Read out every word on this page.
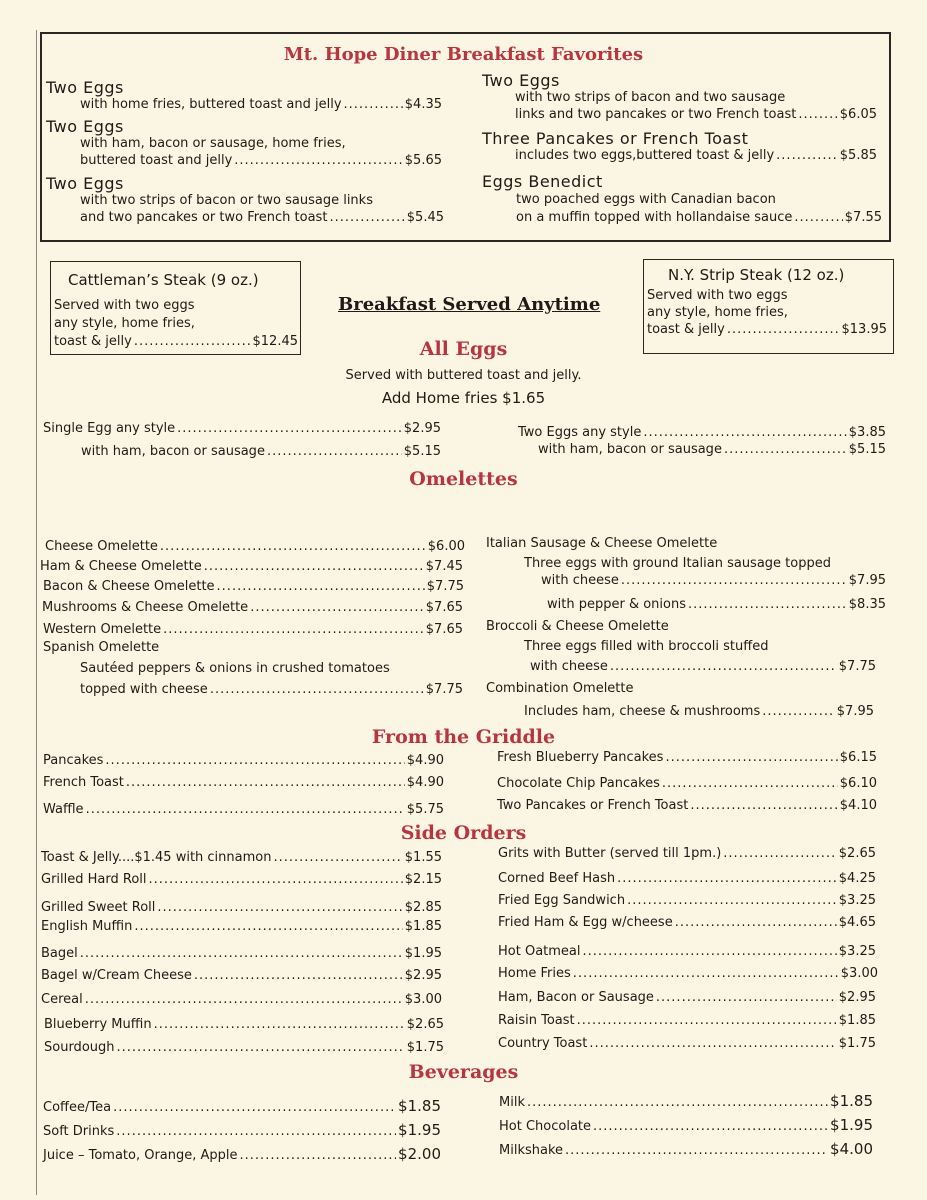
Mt. Hope Diner Breakfast Favorites
Two Eggs
with home fries, buttered toast and jelly .....	$4.35
Two Eggs
with ham, bacon or sausage, home fries,
buttered toast and jelly .....	$5.65
Two Eggs
with two strips of bacon or two sausage links
and two pancakes or two French toast .....	$5.45
Two Eggs
with two strips of bacon and two sausage
links and two pancakes or two French toast .....	$6.05
Three Pancakes or French Toast
includes two eggs,buttered toast & jelly .....	$5.85
Eggs Benedict
two poached eggs with Canadian bacon
on a muffin topped with hollandaise sauce .....	$7.55
Cattleman’s Steak (9 oz.)
Served with two eggs
any style, home fries,
toast & jelly .....	$12.45
N.Y. Strip Steak (12 oz.)
Served with two eggs
any style, home fries,
toast & jelly .....	$13.95
Breakfast Served Anytime
All Eggs
Served with buttered toast and jelly.
Add Home fries $1.65
Single Egg any style .....	$2.95
with ham, bacon or sausage .....	$5.15
Two Eggs any style .....	$3.85
with ham, bacon or sausage .....	$5.15
Omelettes
Cheese Omelette .....	$6.00
Ham & Cheese Omelette .....	$7.45
Bacon & Cheese Omelette .....	$7.75
Mushrooms & Cheese Omelette .....	$7.65
Western Omelette .....	$7.65
Spanish Omelette
Sautéed peppers & onions in crushed tomatoes
topped with cheese .....	$7.75
Italian Sausage & Cheese Omelette
Three eggs with ground Italian sausage topped
with cheese .....	$7.95
with pepper & onions .....	$8.35
Broccoli & Cheese Omelette
Three eggs filled with broccoli stuffed
with cheese .....	$7.75
Combination Omelette
Includes ham, cheese & mushrooms .....	$7.95
From the Griddle
Pancakes .....	$4.90
French Toast .....	$4.90
Waffle .....	$5.75
Fresh Blueberry Pancakes .....	$6.15
Chocolate Chip Pancakes .....	$6.10
Two Pancakes or French Toast .....	$4.10
Side Orders
Toast & Jelly....$1.45 with cinnamon .....	$1.55
Grilled Hard Roll .....	$2.15
Grilled Sweet Roll .....	$2.85
English Muffin .....	$1.85
Bagel .....	$1.95
Bagel w/Cream Cheese .....	$2.95
Cereal .....	$3.00
Blueberry Muffin .....	$2.65
Sourdough .....	$1.75
Grits with Butter (served till 1pm.) .....	$2.65
Corned Beef Hash .....	$4.25
Fried Egg Sandwich .....	$3.25
Fried Ham & Egg w/cheese .....	$4.65
Hot Oatmeal .....	$3.25
Home Fries .....	$3.00
Ham, Bacon or Sausage .....	$2.95
Raisin Toast .....	$1.85
Country Toast .....	$1.75
Beverages
Coffee/Tea .....	$1.85
Soft Drinks .....	$1.95
Juice – Tomato, Orange, Apple .....	$2.00
Milk .....	$1.85
Hot Chocolate .....	$1.95
Milkshake .....	$4.00
